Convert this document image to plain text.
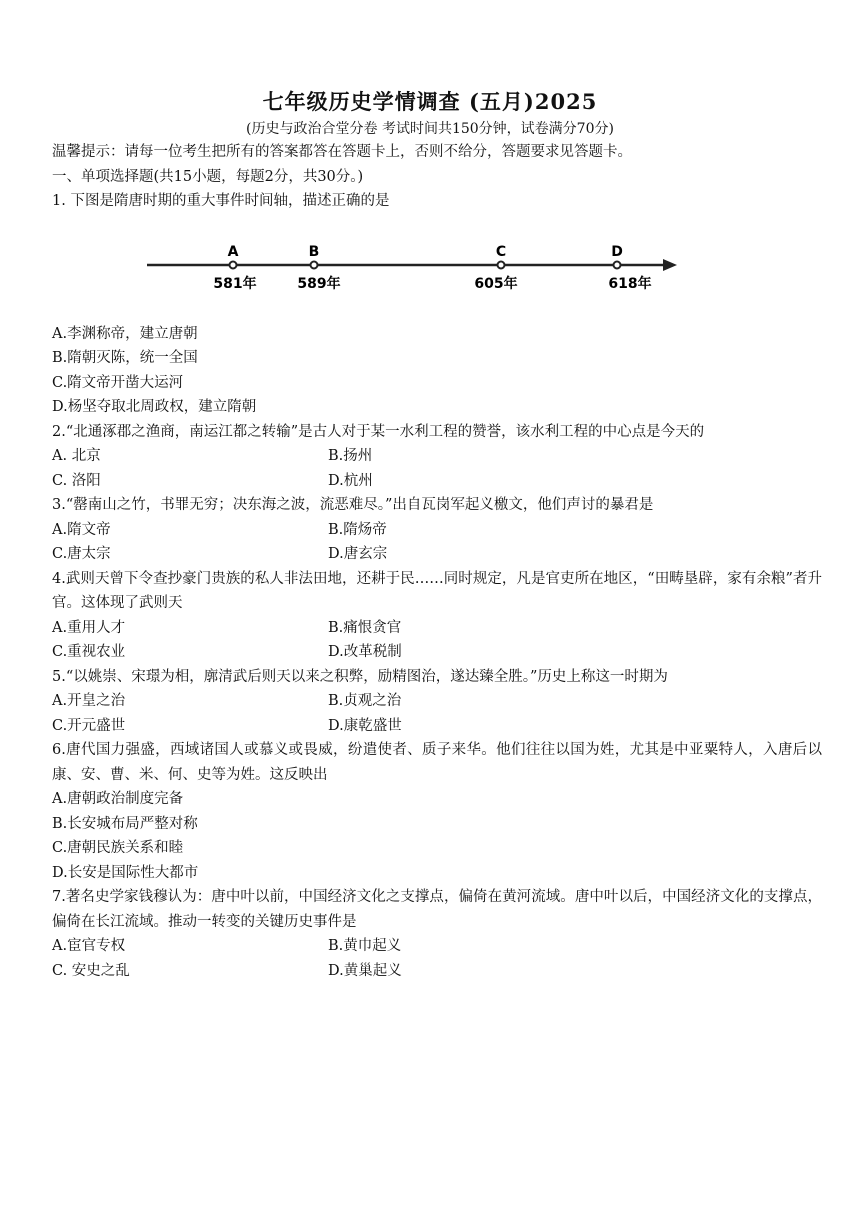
七年级历史学情调查 (五月)2025
(历史与政治合堂分卷 考试时间共150分钟，试卷满分70分)
温馨提示：请每一位考生把所有的答案都答在答题卡上，否则不给分，答题要求见答题卡。
一、单项选择题(共15小题，每题2分，共30分。)
1. 下图是隋唐时期的重大事件时间轴，描述正确的是
A
581年
B
589年
C
605年
D
618年
A.李渊称帝，建立唐朝
B.隋朝灭陈，统一全国
C.隋文帝开凿大运河
D.杨坚夺取北周政权，建立隋朝
2.“北通涿郡之渔商，南运江都之转输”是古人对于某一水利工程的赞誉，该水利工程的中心点是今天的
A. 北京	B.扬州
C. 洛阳	D.杭州
3.“罄南山之竹，书罪无穷；决东海之波，流恶难尽。”出自瓦岗军起义檄文，他们声讨的暴君是
A.隋文帝	B.隋炀帝
C.唐太宗	D.唐玄宗
4.武则天曾下令查抄豪门贵族的私人非法田地，还耕于民……同时规定，凡是官吏所在地区，“田畴垦辟，家有余粮”者升官。这体现了武则天
A.重用人才	B.痛恨贪官
C.重视农业	D.改革税制
5.“以姚崇、宋璟为相，廓清武后则天以来之积弊，励精图治，遂达臻全胜。”历史上称这一时期为
A.开皇之治	B.贞观之治
C.开元盛世	D.康乾盛世
6.唐代国力强盛，西域诸国人或慕义或畏威，纷遣使者、质子来华。他们往往以国为姓，尤其是中亚粟特人，入唐后以康、安、曹、米、何、史等为姓。这反映出
A.唐朝政治制度完备
B.长安城布局严整对称
C.唐朝民族关系和睦
D.长安是国际性大都市
7.著名史学家钱穆认为：唐中叶以前，中国经济文化之支撑点，偏倚在黄河流域。唐中叶以后，中国经济文化的支撑点，偏倚在长江流域。推动一转变的关键历史事件是
A.宦官专权	B.黄巾起义
C. 安史之乱	D.黄巢起义
